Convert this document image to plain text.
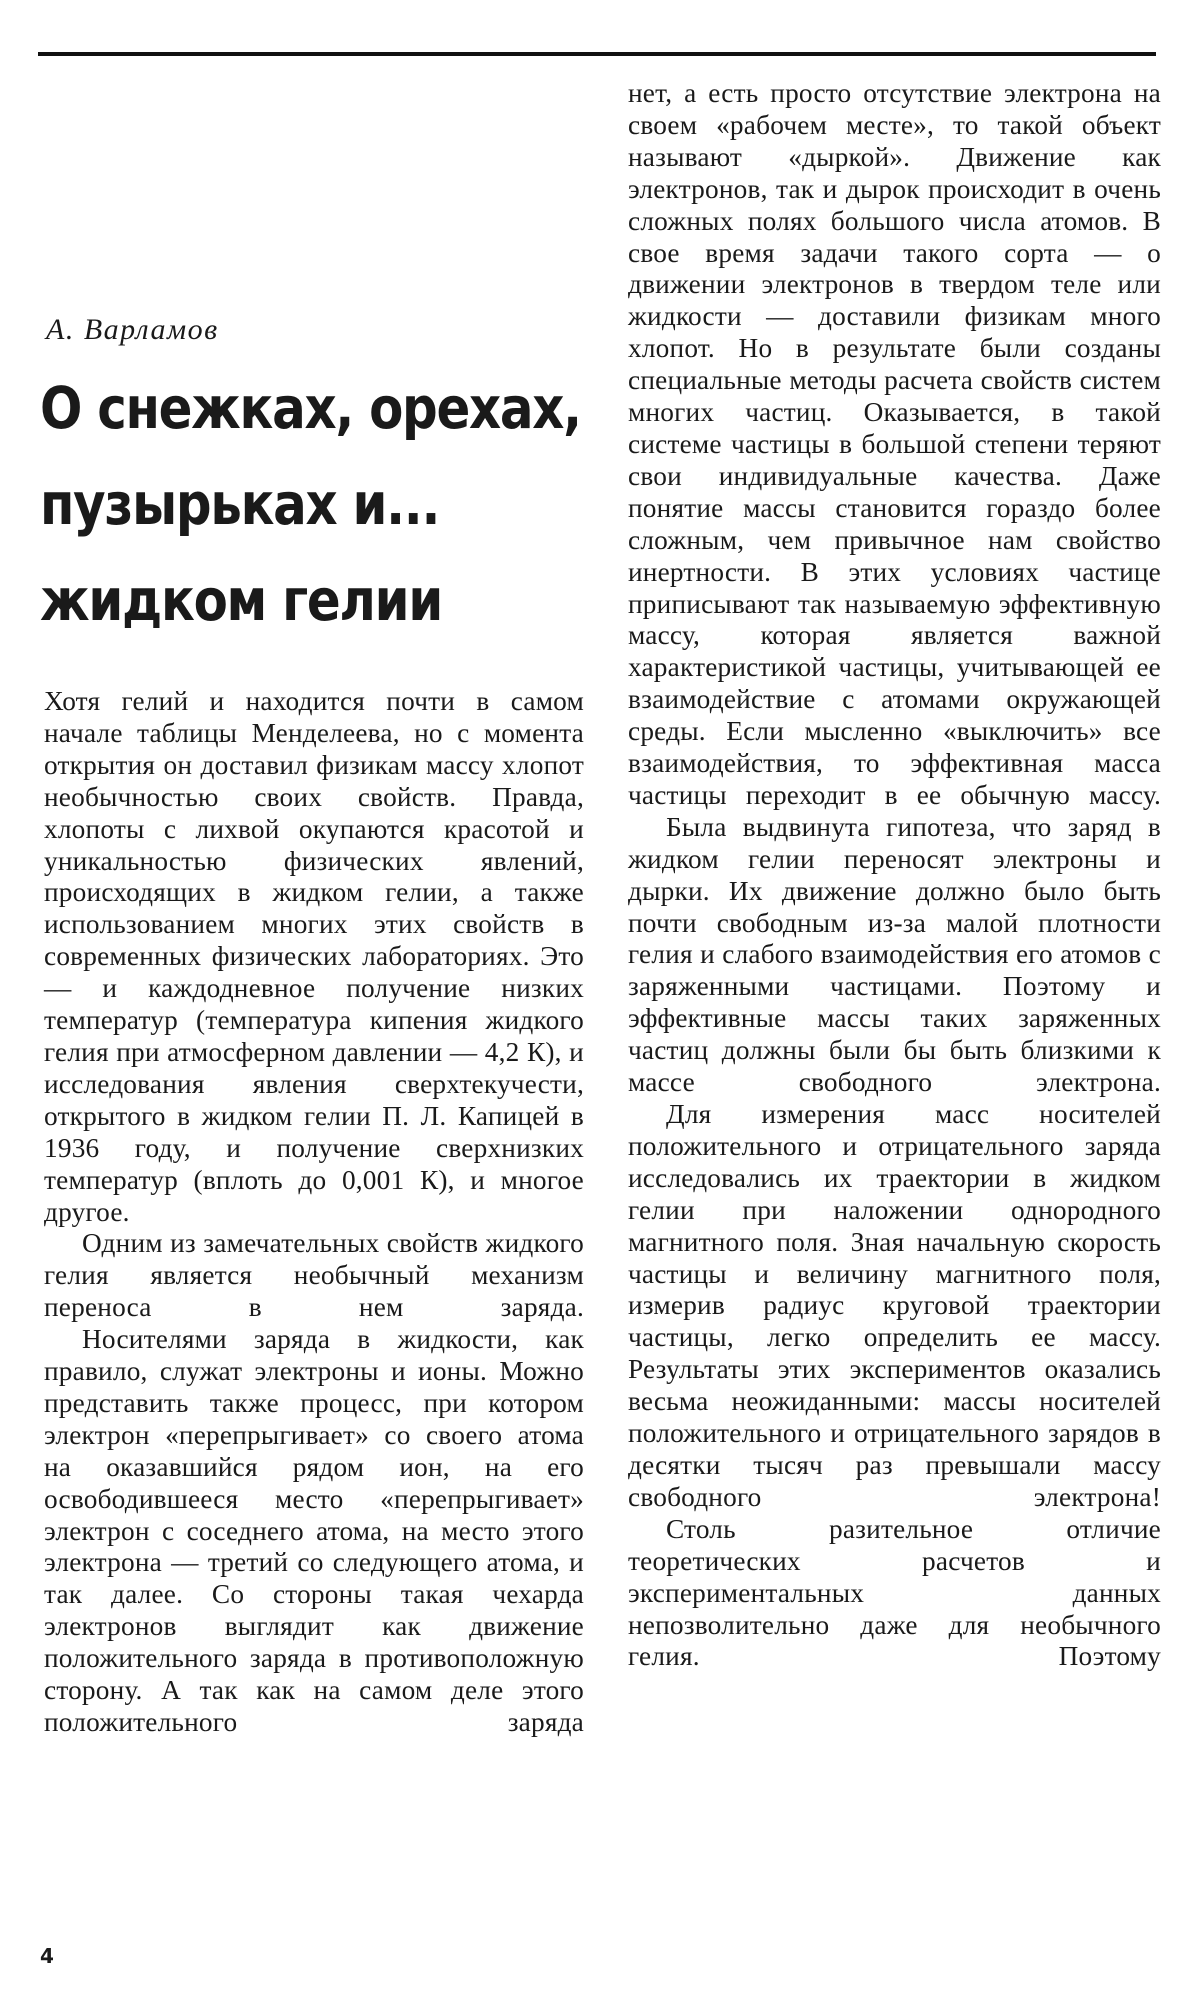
А. Варламов
О снежках, орехах,
пузырьках и...
жидком гелии

Хотя гелий и находится почти в самом начале таблицы Менделеева, но с момента открытия он доставил физикам массу хлопот необычностью своих свойств. Правда, хлопоты с лихвой окупаются красотой и уникальностью физических явлений, происходящих в жидком гелии, а также использованием многих этих свойств в современных физических лабораториях. Это — и каждодневное получение низких температур (температура кипения жидкого гелия при атмосферном давлении — 4,2 К), и исследования явления сверхтекучести, открытого в жидком гелии П. Л. Капицей в 1936 году, и получение сверхнизких температур (вплоть до 0,001 К), и многое другое.

Одним из замечательных свойств жидкого гелия является необычный механизм переноса в нем заряда.

Носителями заряда в жидкости, как правило, служат электроны и ионы. Можно представить также процесс, при котором электрон «перепрыгивает» со своего атома на оказавшийся рядом ион, на его освободившееся место «перепрыгивает» электрон с соседнего атома, на место этого электрона — третий со следующего атома, и так далее. Со стороны такая чехарда электронов выглядит как движение положительного заряда в противоположную сторону. А так как на самом деле этого положительного заряда

нет, а есть просто отсутствие электрона на своем «рабочем месте», то такой объект называют «дыркой». Движение как электронов, так и дырок происходит в очень сложных полях большого числа атомов. В свое время задачи такого сорта — о движении электронов в твердом теле или жидкости — доставили физикам много хлопот. Но в результате были созданы специальные методы расчета свойств систем многих частиц. Оказывается, в такой системе частицы в большой степени теряют свои индивидуальные качества. Даже понятие массы становится гораздо более сложным, чем привычное нам свойство инертности. В этих условиях частице приписывают так называемую эффективную массу, которая является важной характеристикой частицы, учитывающей ее взаимодействие с атомами окружающей среды. Если мысленно «выключить» все взаимодействия, то эффективная масса частицы переходит в ее обычную массу.

Была выдвинута гипотеза, что заряд в жидком гелии переносят электроны и дырки. Их движение должно было быть почти свободным из-за малой плотности гелия и слабого взаимодействия его атомов с заряженными частицами. Поэтому и эффективные массы таких заряженных частиц должны были бы быть близкими к массе свободного электрона.

Для измерения масс носителей положительного и отрицательного заряда исследовались их траектории в жидком гелии при наложении однородного магнитного поля. Зная начальную скорость частицы и величину магнитного поля, измерив радиус круговой траектории частицы, легко определить ее массу. Результаты этих экспериментов оказались весьма неожиданными: массы носителей положительного и отрицательного зарядов в десятки тысяч раз превышали массу свободного электрона!

Столь разительное отличие теоретических расчетов и экспериментальных данных непозволительно даже для необычного гелия. Поэтому

4
